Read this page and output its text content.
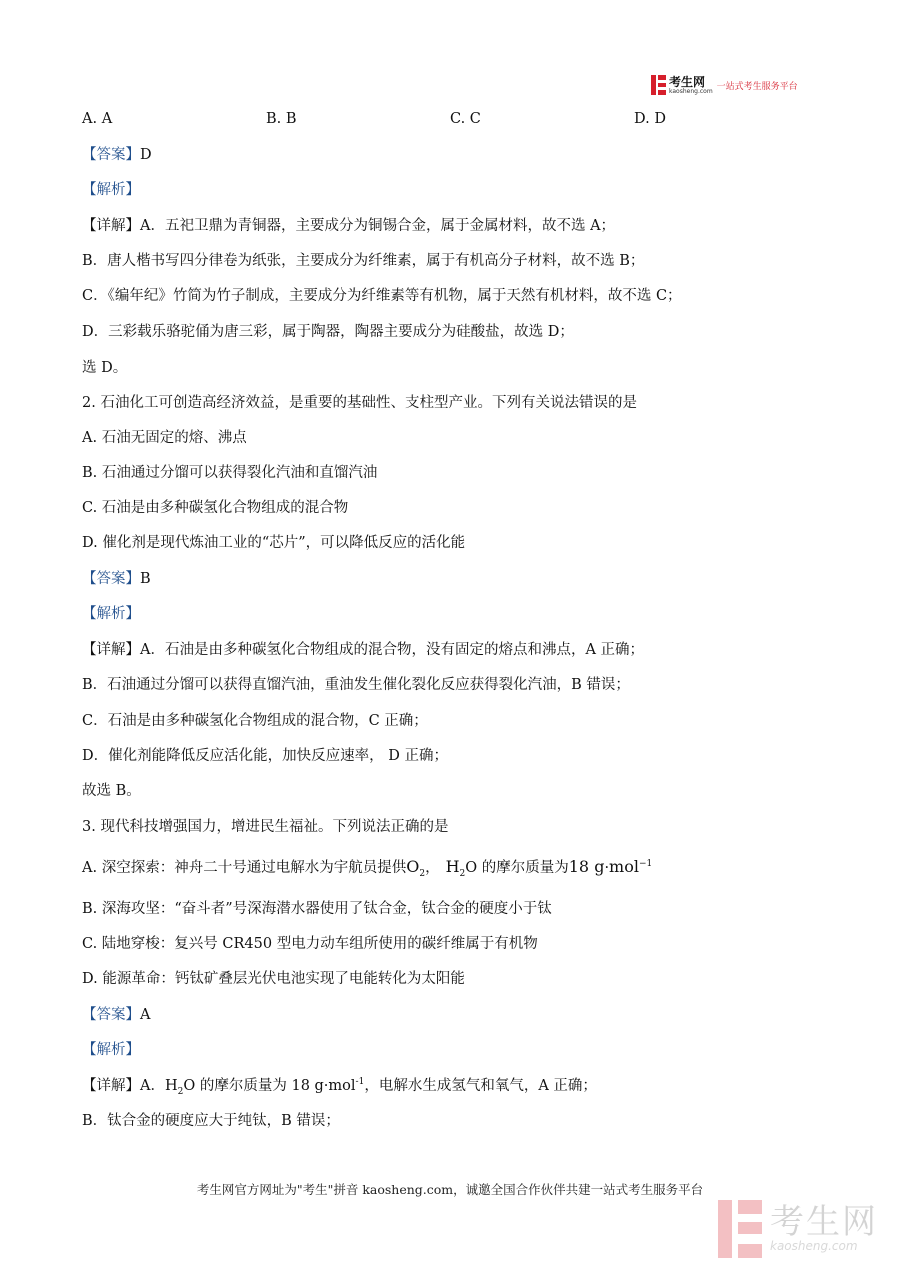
考生网
kaosheng.com 一站式考生服务平台
A. A	B. B	C. C	D. D
【答案】D
【解析】
【详解】A．五祀卫鼎为青铜器，主要成分为铜锡合金，属于金属材料，故不选 A；
B．唐人楷书写四分律卷为纸张，主要成分为纤维素，属于有机高分子材料，故不选 B；
C．《编年纪》竹简为竹子制成，主要成分为纤维素等有机物，属于天然有机材料，故不选 C；
D．三彩载乐骆驼俑为唐三彩，属于陶器，陶器主要成分为硅酸盐，故选 D；
选 D。
2. 石油化工可创造高经济效益，是重要的基础性、支柱型产业。下列有关说法错误的是
A. 石油无固定的熔、沸点
B. 石油通过分馏可以获得裂化汽油和直馏汽油
C. 石油是由多种碳氢化合物组成的混合物
D. 催化剂是现代炼油工业的“芯片”，可以降低反应的活化能
【答案】B
【解析】
【详解】A．石油是由多种碳氢化合物组成的混合物，没有固定的熔点和沸点，A 正确；
B．石油通过分馏可以获得直馏汽油，重油发生催化裂化反应获得裂化汽油，B 错误；
C．石油是由多种碳氢化合物组成的混合物，C 正确；
D．催化剂能降低反应活化能，加快反应速率， D 正确；
故选 B。
3. 现代科技增强国力，增进民生福祉。下列说法正确的是
A. 深空探索：神舟二十号通过电解水为宇航员提供$O_2$， $H_2O$ 的摩尔质量为18 g·mol$^{-1}$
B. 深海攻坚：“奋斗者”号深海潜水器使用了钛合金，钛合金的硬度小于钛
C. 陆地穿梭：复兴号 CR450 型电力动车组所使用的碳纤维属于有机物
D. 能源革命：钙钛矿叠层光伏电池实现了电能转化为太阳能
【答案】A
【解析】
【详解】A．$H_2O$ 的摩尔质量为 18 g·mol$^{-1}$，电解水生成氢气和氧气，A 正确；
B．钛合金的硬度应大于纯钛，B 错误；
考生网官方网址为"考生"拼音 kaosheng.com，诚邀全国合作伙伴共建一站式考生服务平台
考生网
kaosheng.com
